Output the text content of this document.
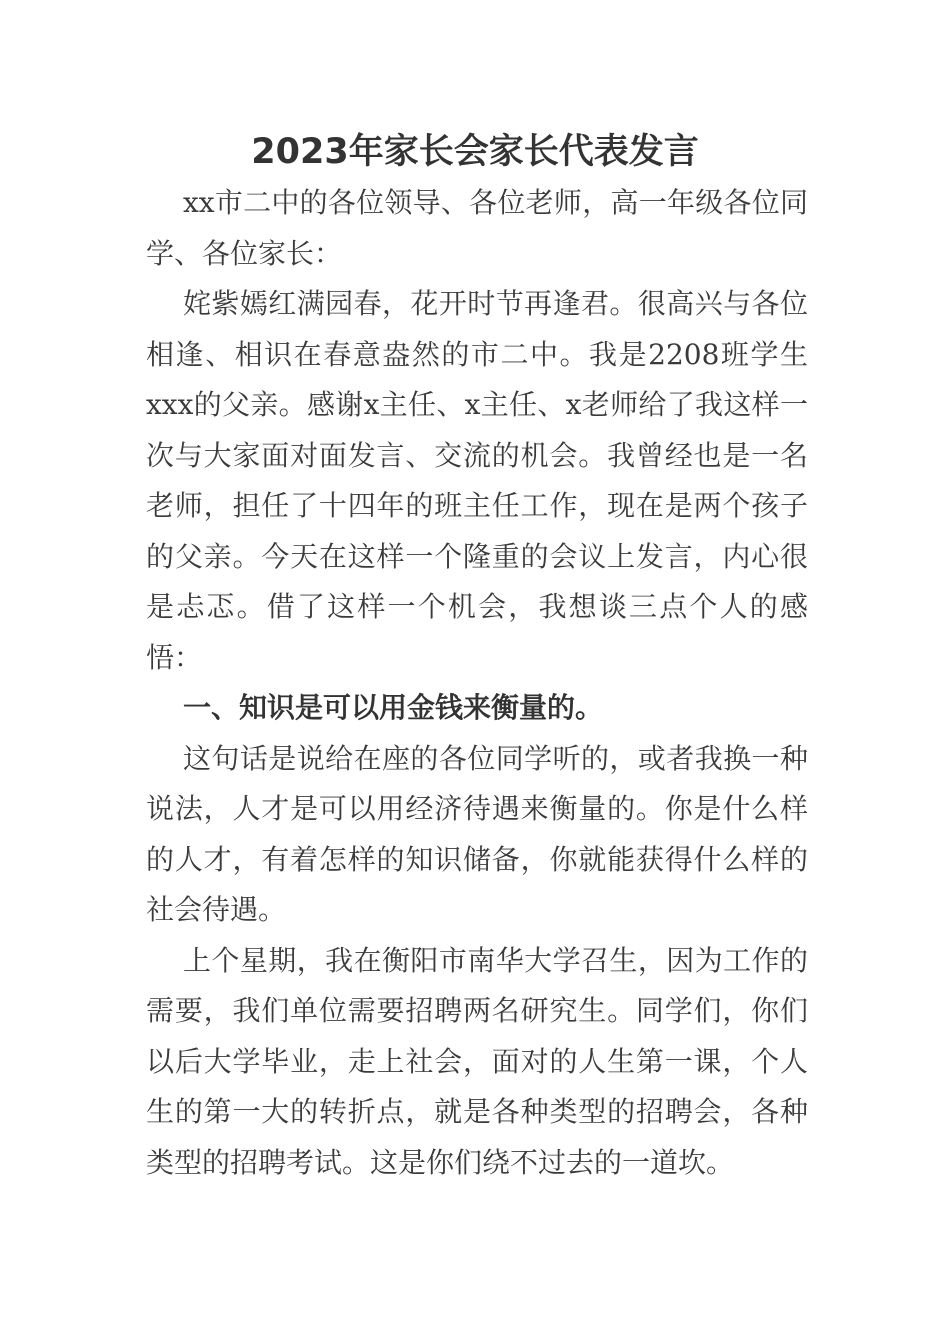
2023年家长会家长代表发言

xx市二中的各位领导、各位老师，高一年级各位同学、各位家长：

姹紫嫣红满园春，花开时节再逢君。很高兴与各位相逢、相识在春意盎然的市二中。我是2208班学生xxx的父亲。感谢x主任、x主任、x老师给了我这样一次与大家面对面发言、交流的机会。我曾经也是一名老师，担任了十四年的班主任工作，现在是两个孩子的父亲。今天在这样一个隆重的会议上发言，内心很是忐忑。借了这样一个机会，我想谈三点个人的感悟：

一、知识是可以用金钱来衡量的。

这句话是说给在座的各位同学听的，或者我换一种说法，人才是可以用经济待遇来衡量的。你是什么样的人才，有着怎样的知识储备，你就能获得什么样的社会待遇。

上个星期，我在衡阳市南华大学召生，因为工作的需要，我们单位需要招聘两名研究生。同学们，你们以后大学毕业，走上社会，面对的人生第一课，个人生的第一大的转折点，就是各种类型的招聘会，各种类型的招聘考试。这是你们绕不过去的一道坎。
